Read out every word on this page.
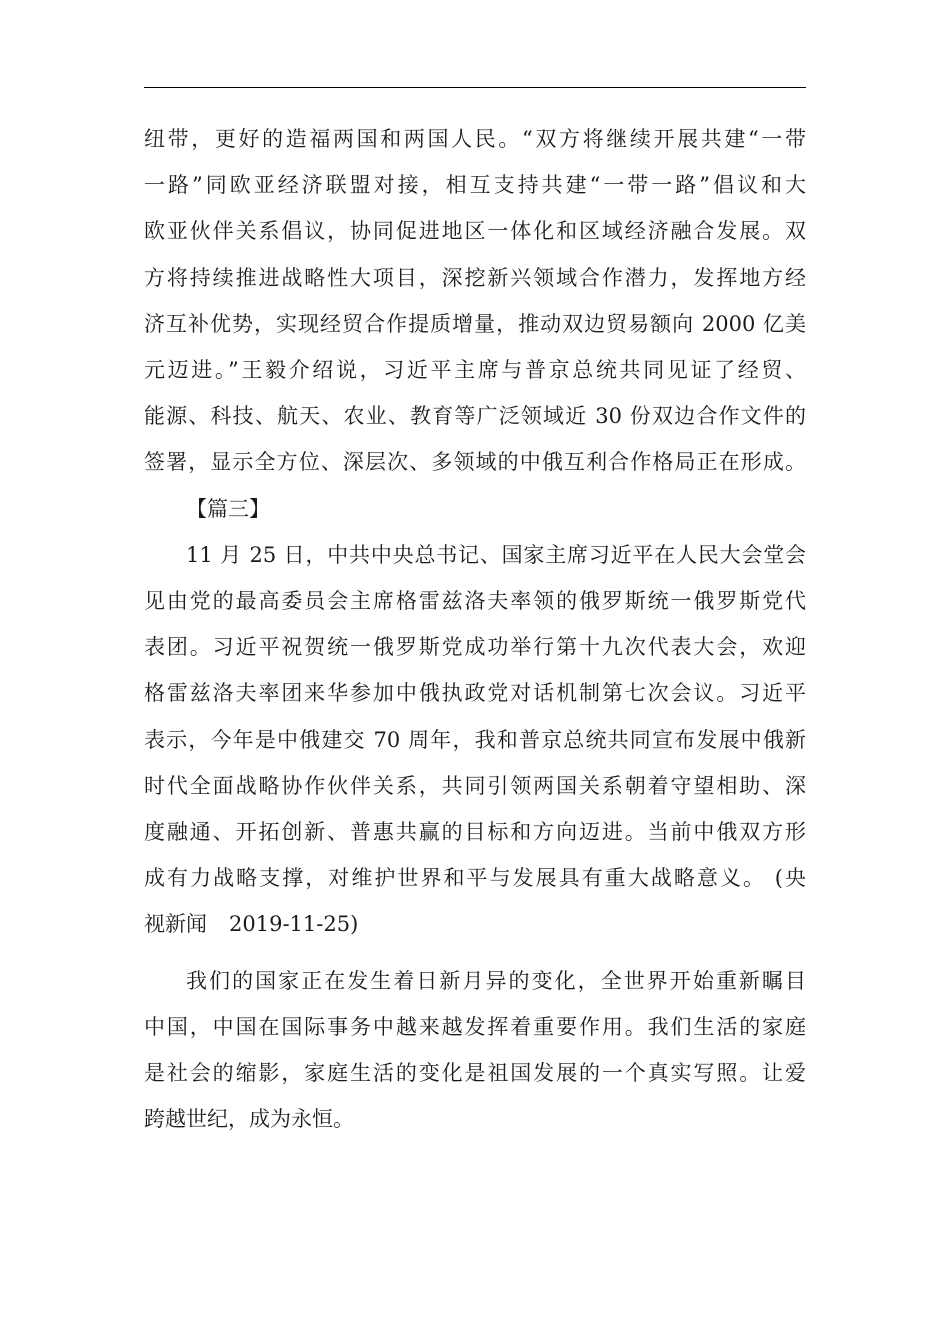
纽带，更好的造福两国和两国人民。“双方将继续开展共建“一带
一路”同欧亚经济联盟对接，相互支持共建“一带一路”倡议和大
欧亚伙伴关系倡议，协同促进地区一体化和区域经济融合发展。双
方将持续推进战略性大项目，深挖新兴领域合作潜力，发挥地方经
济互补优势，实现经贸合作提质增量，推动双边贸易额向 2000 亿美
元迈进。”王毅介绍说，习近平主席与普京总统共同见证了经贸、
能源、科技、航天、农业、教育等广泛领域近 30 份双边合作文件的
签署，显示全方位、深层次、多领域的中俄互利合作格局正在形成。
【篇三】
11 月 25 日，中共中央总书记、国家主席习近平在人民大会堂会
见由党的最高委员会主席格雷兹洛夫率领的俄罗斯统一俄罗斯党代
表团。习近平祝贺统一俄罗斯党成功举行第十九次代表大会，欢迎
格雷兹洛夫率团来华参加中俄执政党对话机制第七次会议。习近平
表示，今年是中俄建交 70 周年，我和普京总统共同宣布发展中俄新
时代全面战略协作伙伴关系，共同引领两国关系朝着守望相助、深
度融通、开拓创新、普惠共赢的目标和方向迈进。当前中俄双方形
成有力战略支撑，对维护世界和平与发展具有重大战略意义。 (央
视新闻 2019-11-25)
我们的国家正在发生着日新月异的变化，全世界开始重新瞩目
中国，中国在国际事务中越来越发挥着重要作用。我们生活的家庭
是社会的缩影，家庭生活的变化是祖国发展的一个真实写照。让爱
跨越世纪，成为永恒。
